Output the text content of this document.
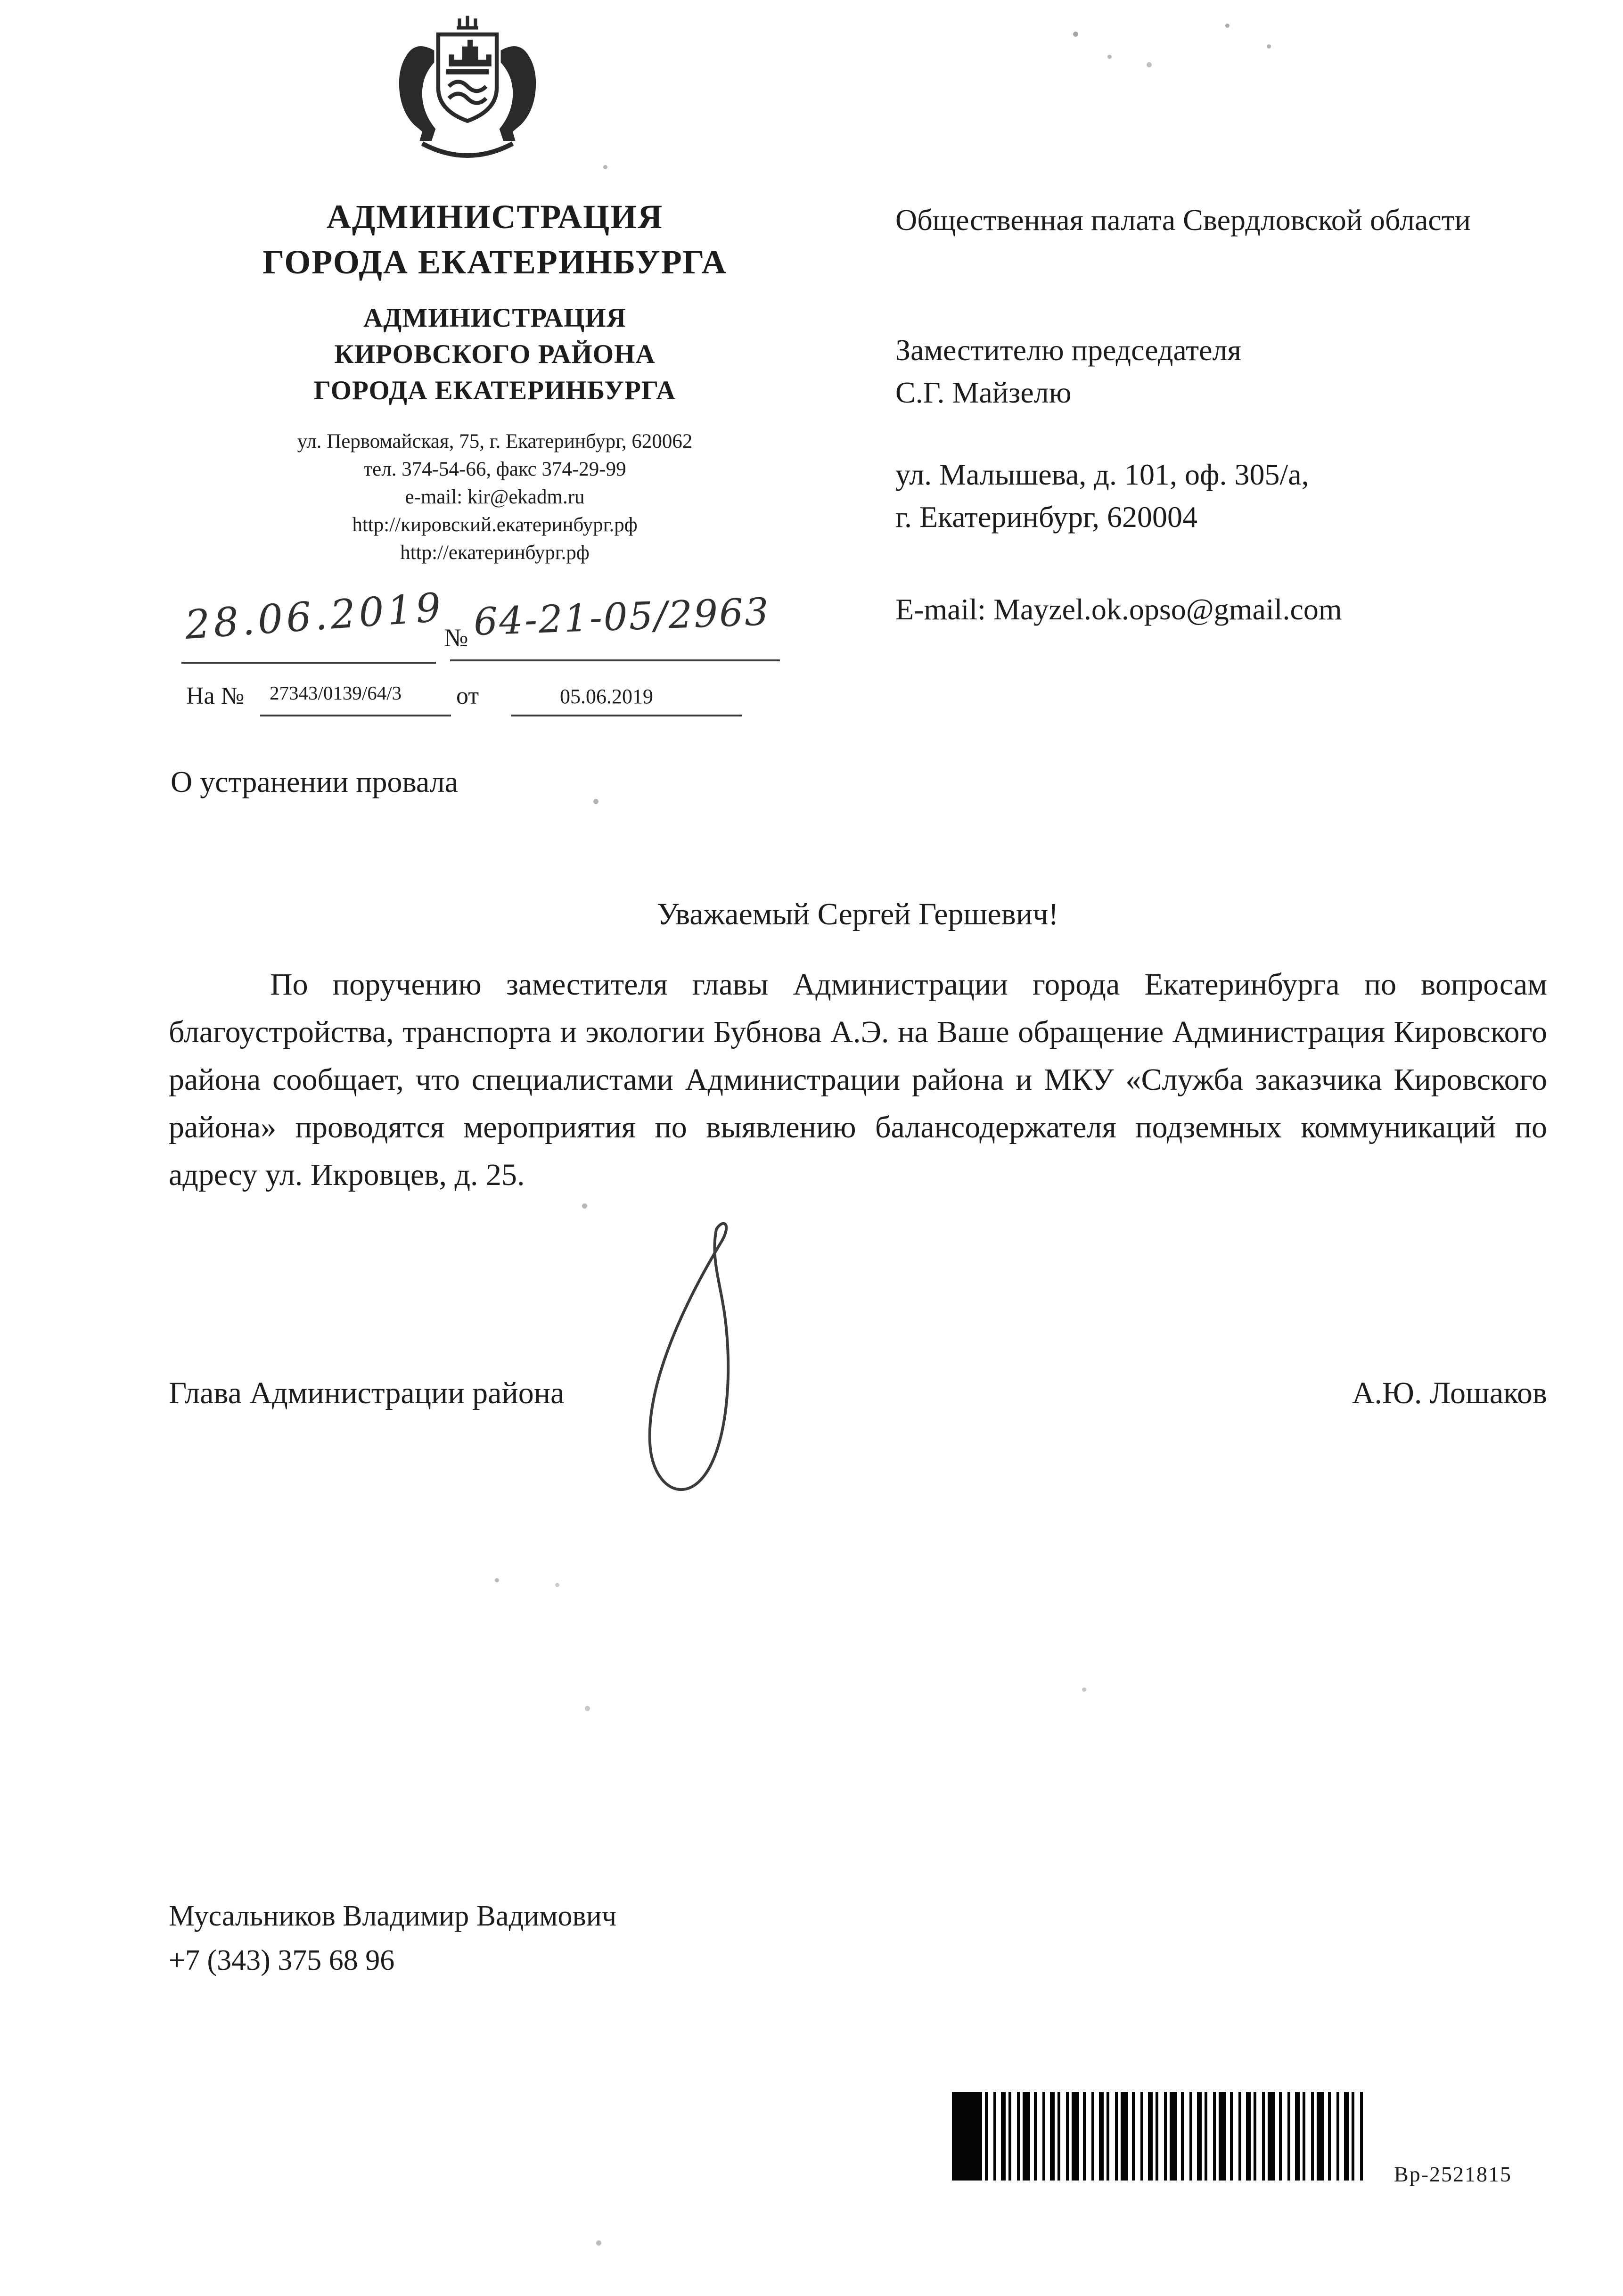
АДМИНИСТРАЦИЯ
ГОРОДА ЕКАТЕРИНБУРГА
АДМИНИСТРАЦИЯ
КИРОВСКОГО РАЙОНА
ГОРОДА ЕКАТЕРИНБУРГА
ул. Первомайская, 75, г. Екатеринбург, 620062
тел. 374-54-66, факс 374-29-99
e-mail: kir@ekadm.ru
http://кировский.екатеринбург.рф
http://екатеринбург.рф
28.06.2019
№ 64-21-05/2963
На № 27343/0139/64/3 от	05.06.2019
О устранении провала
Общественная палата Свердловской области
Заместителю председателя
С.Г. Майзелю
ул. Малышева, д. 101, оф. 305/а,
г. Екатеринбург, 620004
E-mail: Mayzel.ok.opso@gmail.com
Уважаемый Сергей Гершевич!

По поручению заместителя главы Администрации города Екатеринбурга по вопросам благоустройства, транспорта и экологии Бубнова А.Э. на Ваше обращение Администрация Кировского района сообщает, что специалистами Администрации района и МКУ «Служба заказчика Кировского района» проводятся мероприятия по выявлению балансодержателя подземных коммуникаций по адресу ул. Икровцев, д. 25.

Глава Администрации района	А.Ю. Лошаков
Мусальников Владимир Вадимович
+7 (343) 375 68 96
Вр-2521815
